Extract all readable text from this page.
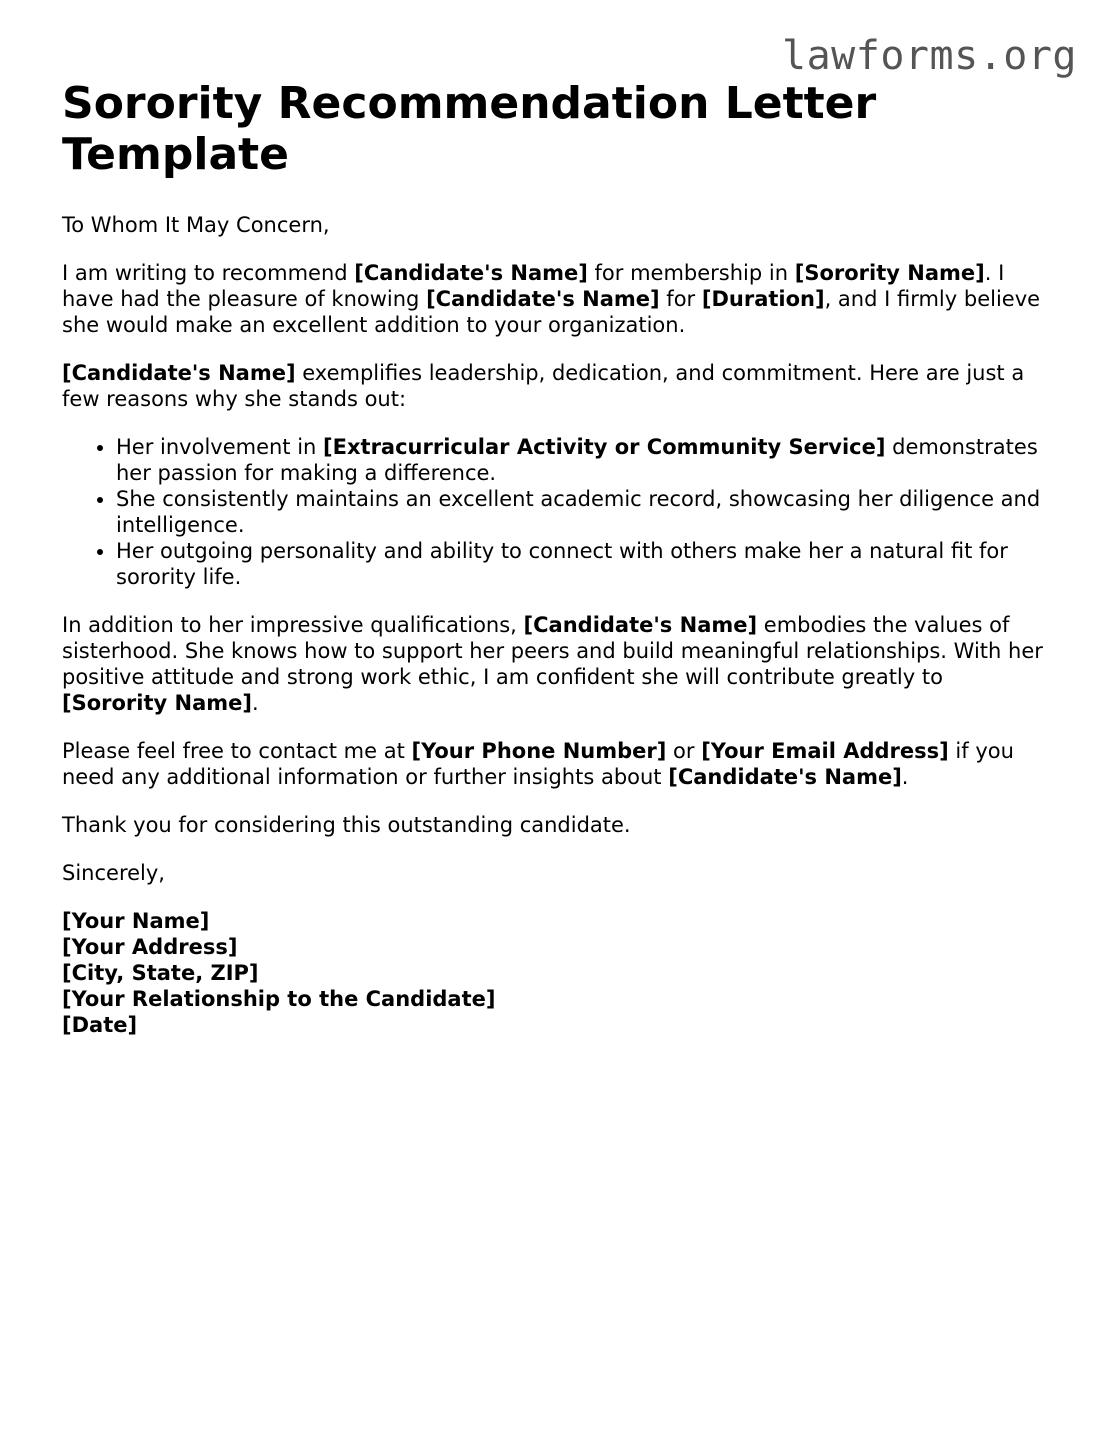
lawforms.org
Sorority Recommendation Letter Template

To Whom It May Concern,

I am writing to recommend [Candidate's Name] for membership in [Sorority Name]. I have had the pleasure of knowing [Candidate's Name] for [Duration], and I firmly believe she would make an excellent addition to your organization.

[Candidate's Name] exemplifies leadership, dedication, and commitment. Here are just a few reasons why she stands out:

• Her involvement in [Extracurricular Activity or Community Service] demonstrates her passion for making a difference.
• She consistently maintains an excellent academic record, showcasing her diligence and intelligence.
• Her outgoing personality and ability to connect with others make her a natural fit for sorority life.

In addition to her impressive qualifications, [Candidate's Name] embodies the values of sisterhood. She knows how to support her peers and build meaningful relationships. With her positive attitude and strong work ethic, I am confident she will contribute greatly to [Sorority Name].

Please feel free to contact me at [Your Phone Number] or [Your Email Address] if you need any additional information or further insights about [Candidate's Name].

Thank you for considering this outstanding candidate.

Sincerely,

[Your Name]
[Your Address]
[City, State, ZIP]
[Your Relationship to the Candidate]
[Date]
